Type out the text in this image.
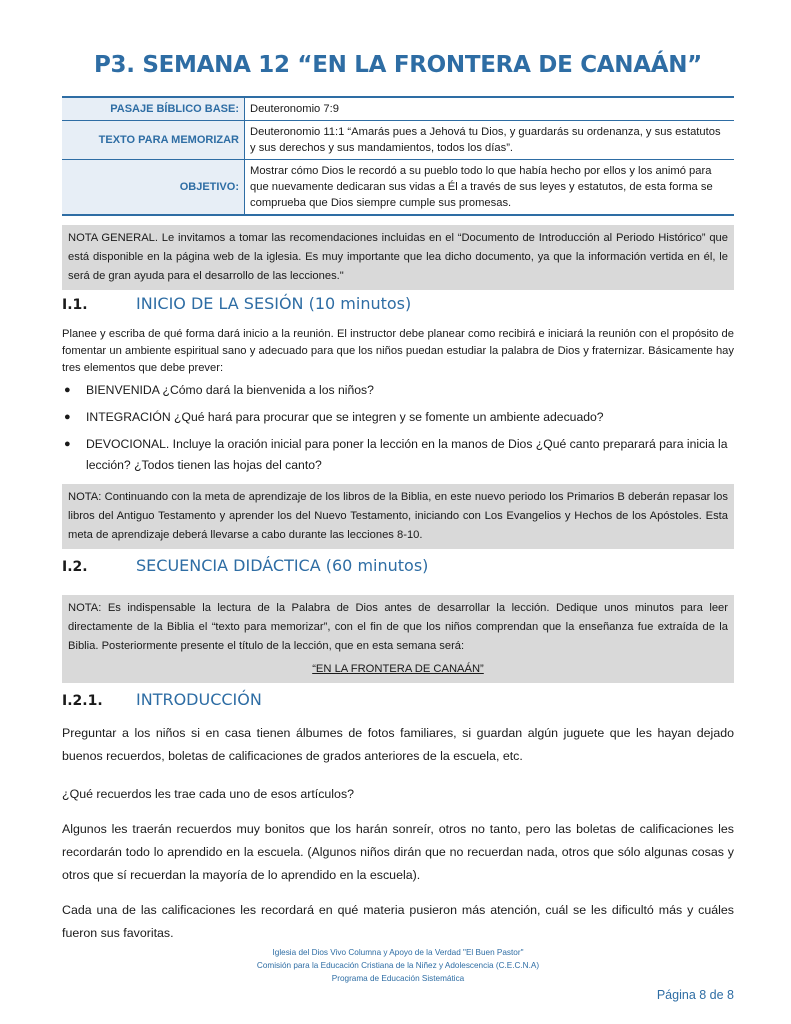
P3. SEMANA 12 “EN LA FRONTERA DE CANAÁN”
PASAJE BÍBLICO BASE:	Deuteronomio 7:9
TEXTO PARA MEMORIZAR	Deuteronomio 11:1 “Amarás pues a Jehová tu Dios, y guardarás su ordenanza, y sus estatutos y sus derechos y sus mandamientos, todos los días”.
OBJETIVO:	Mostrar cómo Dios le recordó a su pueblo todo lo que había hecho por ellos y los animó para que nuevamente dedicaran sus vidas a Él a través de sus leyes y estatutos, de esta forma se comprueba que Dios siempre cumple sus promesas.
NOTA GENERAL. Le invitamos a tomar las recomendaciones incluidas en el “Documento de Introducción al Periodo Histórico” que está disponible en la página web de la iglesia. Es muy importante que lea dicho documento, ya que la información vertida en él, le será de gran ayuda para el desarrollo de las lecciones."
I.1.	INICIO DE LA SESIÓN (10 minutos)
Planee y escriba de qué forma dará inicio a la reunión. El instructor debe planear como recibirá e iniciará la reunión con el propósito de fomentar un ambiente espiritual sano y adecuado para que los niños puedan estudiar la palabra de Dios y fraternizar. Básicamente hay tres elementos que debe prever:
● BIENVENIDA ¿Cómo dará la bienvenida a los niños?
● INTEGRACIÓN ¿Qué hará para procurar que se integren y se fomente un ambiente adecuado?
● DEVOCIONAL. Incluye la oración inicial para poner la lección en la manos de Dios ¿Qué canto preparará para inicia la lección? ¿Todos tienen las hojas del canto?
NOTA: Continuando con la meta de aprendizaje de los libros de la Biblia, en este nuevo periodo los Primarios B deberán repasar los libros del Antiguo Testamento y aprender los del Nuevo Testamento, iniciando con Los Evangelios y Hechos de los Apóstoles. Esta meta de aprendizaje deberá llevarse a cabo durante las lecciones 8-10.
I.2.	SECUENCIA DIDÁCTICA (60 minutos)
NOTA: Es indispensable la lectura de la Palabra de Dios antes de desarrollar la lección. Dedique unos minutos para leer directamente de la Biblia el “texto para memorizar”, con el fin de que los niños comprendan que la enseñanza fue extraída de la Biblia. Posteriormente presente el título de la lección, que en esta semana será:
“EN LA FRONTERA DE CANAÁN”
I.2.1. INTRODUCCIÓN
Preguntar a los niños si en casa tienen álbumes de fotos familiares, si guardan algún juguete que les hayan dejado buenos recuerdos, boletas de calificaciones de grados anteriores de la escuela, etc.
¿Qué recuerdos les trae cada uno de esos artículos?
Algunos les traerán recuerdos muy bonitos que los harán sonreír, otros no tanto, pero las boletas de calificaciones les recordarán todo lo aprendido en la escuela. (Algunos niños dirán que no recuerdan nada, otros que sólo algunas cosas y otros que sí recuerdan la mayoría de lo aprendido en la escuela).
Cada una de las calificaciones les recordará en qué materia pusieron más atención, cuál se les dificultó más y cuáles fueron sus favoritas.
Iglesia del Dios Vivo Columna y Apoyo de la Verdad "El Buen Pastor"
Comisión para la Educación Cristiana de la Niñez y Adolescencia (C.E.C.N.A)
Programa de Educación Sistemática
Página 8 de 8
